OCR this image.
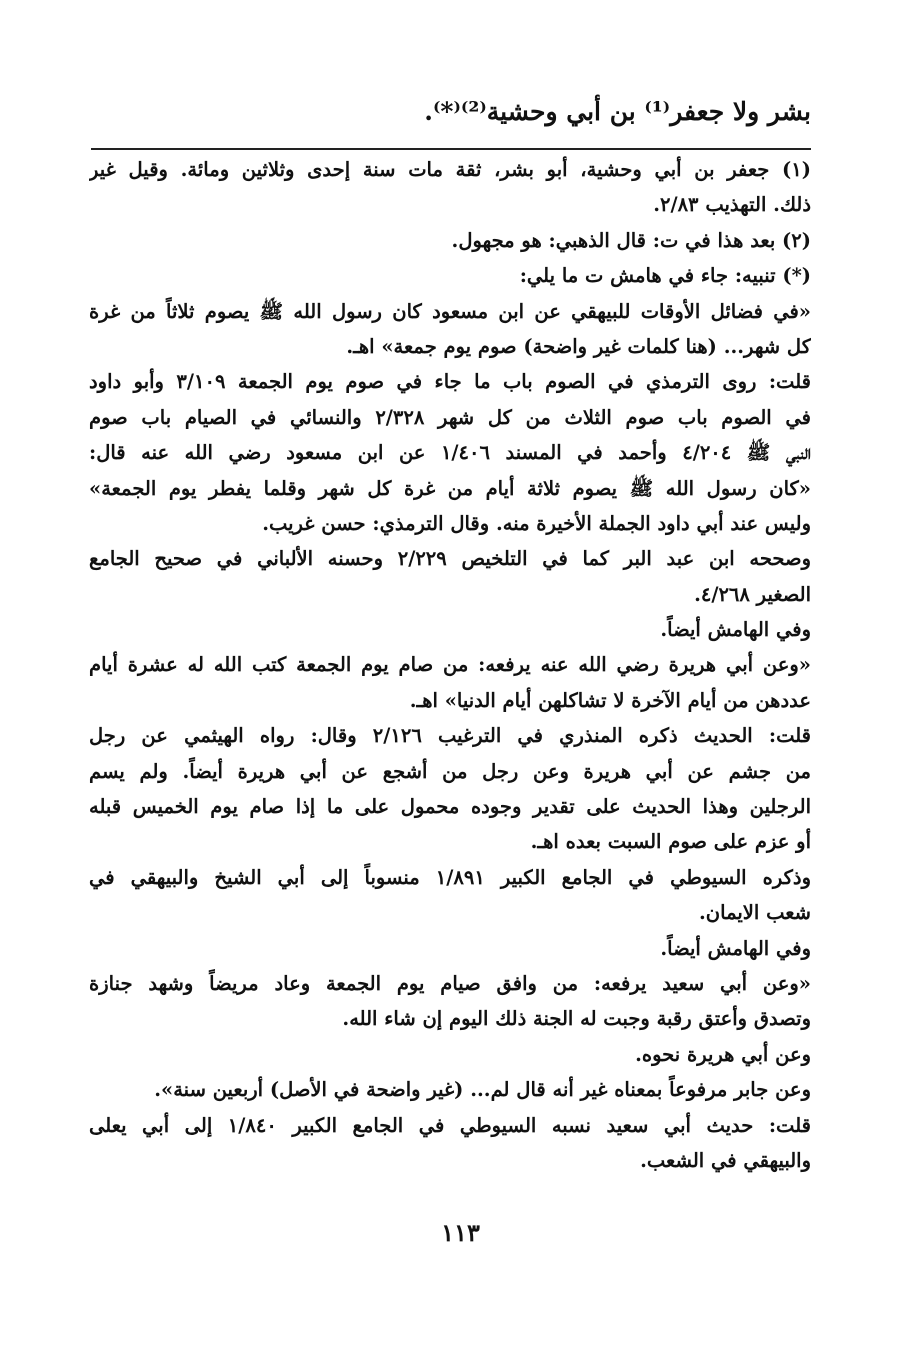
بشر ولا جعفر⁽¹⁾ بن أبي وحشية⁽²⁾⁽*⁾.
(١) جعفر بن أبي وحشية، أبو بشر، ثقة مات سنة إحدى وثلاثين ومائة. وقيل غير
ذلك. التهذيب ٢/٨٣.
(٢) بعد هذا في ت: قال الذهبي: هو مجهول.
(*) تنبيه: جاء في هامش ت ما يلي:
«في فضائل الأوقات للبيهقي عن ابن مسعود كان رسول الله ﷺ يصوم ثلاثاً من غرة
كل شهر... (هنا كلمات غير واضحة) صوم يوم جمعة» اهـ.
قلت: روى الترمذي في الصوم باب ما جاء في صوم يوم الجمعة ٣/١٠٩ وأبو داود
في الصوم باب صوم الثلاث من كل شهر ٢/٣٢٨ والنسائي في الصيام باب صوم
النبي ﷺ ٤/٢٠٤ وأحمد في المسند ١/٤٠٦ عن ابن مسعود رضي الله عنه قال:
«كان رسول الله ﷺ يصوم ثلاثة أيام من غرة كل شهر وقلما يفطر يوم الجمعة»
وليس عند أبي داود الجملة الأخيرة منه. وقال الترمذي: حسن غريب.
وصححه ابن عبد البر كما في التلخيص ٢/٢٢٩ وحسنه الألباني في صحيح الجامع
الصغير ٤/٢٦٨.
وفي الهامش أيضاً.
«وعن أبي هريرة رضي الله عنه يرفعه: من صام يوم الجمعة كتب الله له عشرة أيام
عددهن من أيام الآخرة لا تشاكلهن أيام الدنيا» اهـ.
قلت: الحديث ذكره المنذري في الترغيب ٢/١٢٦ وقال: رواه الهيثمي عن رجل
من جشم عن أبي هريرة وعن رجل من أشجع عن أبي هريرة أيضاً. ولم يسم
الرجلين وهذا الحديث على تقدير وجوده محمول على ما إذا صام يوم الخميس قبله
أو عزم على صوم السبت بعده اهـ.
وذكره السيوطي في الجامع الكبير ١/٨٩١ منسوباً إلى أبي الشيخ والبيهقي في
شعب الايمان.
وفي الهامش أيضاً.
«وعن أبي سعيد يرفعه: من وافق صيام يوم الجمعة وعاد مريضاً وشهد جنازة
وتصدق وأعتق رقبة وجبت له الجنة ذلك اليوم إن شاء الله.
وعن أبي هريرة نحوه.
وعن جابر مرفوعاً بمعناه غير أنه قال لم... (غير واضحة في الأصل) أربعين سنة».
قلت: حديث أبي سعيد نسبه السيوطي في الجامع الكبير ١/٨٤٠ إلى أبي يعلى
والبيهقي في الشعب.
١١٣
